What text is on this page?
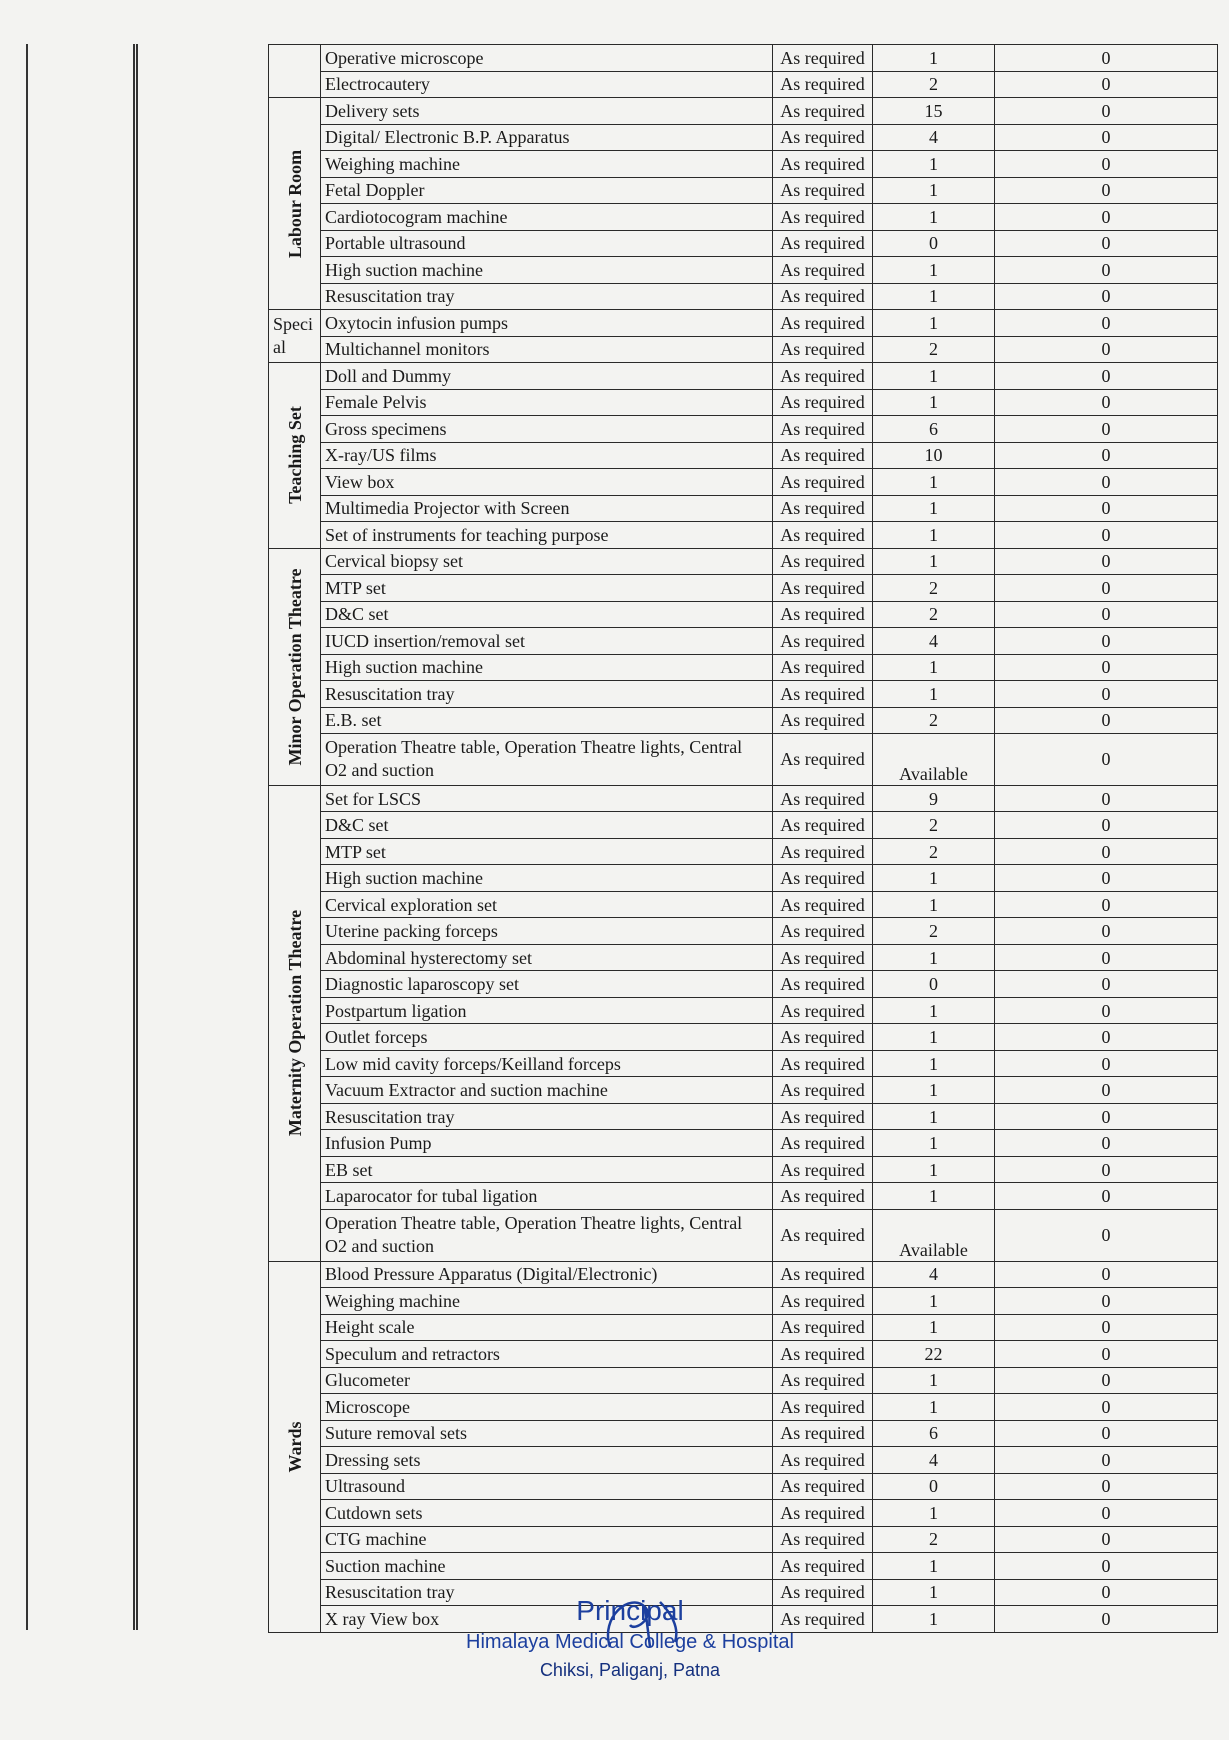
	Operative microscope	As required	1	0
	Electrocautery	As required	2	0

Labour Room	Delivery sets	As required	15	0
	Digital/ Electronic B.P. Apparatus	As required	4	0
	Weighing machine	As required	1	0
	Fetal Doppler	As required	1	0
	Cardiotocogram machine	As required	1	0
	Portable ultrasound	As required	0	0
	High suction machine	As required	1	0
	Resuscitation tray	As required	1	0

Speci al	Oxytocin infusion pumps	As required	1	0
	Multichannel monitors	As required	2	0

Teaching Set	Doll and Dummy	As required	1	0
	Female Pelvis	As required	1	0
	Gross specimens	As required	6	0
	X-ray/US films	As required	10	0
	View box	As required	1	0
	Multimedia Projector with Screen	As required	1	0
	Set of instruments for teaching purpose	As required	1	0

Minor Operation Theatre	Cervical biopsy set	As required	1	0
	MTP set	As required	2	0
	D&C set	As required	2	0
	IUCD insertion/removal set	As required	4	0
	High suction machine	As required	1	0
	Resuscitation tray	As required	1	0
	E.B. set	As required	2	0
	Operation Theatre table, Operation Theatre lights, Central O2 and suction	As required	Available	0

Maternity Operation Theatre	Set for LSCS	As required	9	0
	D&C set	As required	2	0
	MTP set	As required	2	0
	High suction machine	As required	1	0
	Cervical exploration set	As required	1	0
	Uterine packing forceps	As required	2	0
	Abdominal hysterectomy set	As required	1	0
	Diagnostic laparoscopy set	As required	0	0
	Postpartum ligation	As required	1	0
	Outlet forceps	As required	1	0
	Low mid cavity forceps/Keilland forceps	As required	1	0
	Vacuum Extractor and suction machine	As required	1	0
	Resuscitation tray	As required	1	0
	Infusion Pump	As required	1	0
	EB set	As required	1	0
	Laparocator for tubal ligation	As required	1	0
	Operation Theatre table, Operation Theatre lights, Central O2 and suction	As required	Available	0

Wards	Blood Pressure Apparatus (Digital/Electronic)	As required	4	0
	Weighing machine	As required	1	0
	Height scale	As required	1	0
	Speculum and retractors	As required	22	0
	Glucometer	As required	1	0
	Microscope	As required	1	0
	Suture removal sets	As required	6	0
	Dressing sets	As required	4	0
	Ultrasound	As required	0	0
	Cutdown sets	As required	1	0
	CTG machine	As required	2	0
	Suction machine	As required	1	0
	Resuscitation tray	As required	1	0
	X ray View box	As required	1	0
Principal
Himalaya Medical College & Hospital
Chiksi, Paliganj, Patna
